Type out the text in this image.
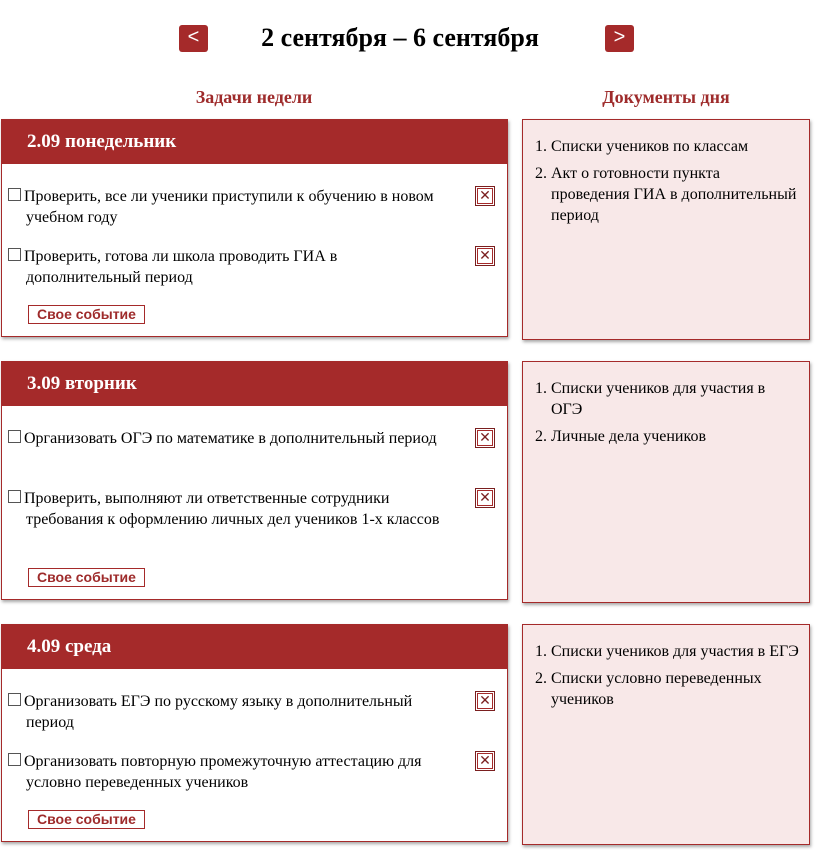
<	2 сентября – 6 сентября	>
Задачи недели	Документы дня
2.09 понедельник
Проверить, все ли ученики приступили к обучению в новом учебном году
✕
Проверить, готова ли школа проводить ГИА в дополнительный период
✕
Свое событие
1. Списки учеников по классам
2. Акт о готовности пункта проведения ГИА в дополнительный период
3.09 вторник
Организовать ОГЭ по математике в дополнительный период	✕
Проверить, выполняют ли ответственные сотрудники требования к оформлению личных дел учеников 1-х классов
✕
Свое событие
1. Списки учеников для участия в ОГЭ
2. Личные дела учеников
4.09 среда
Организовать ЕГЭ по русскому языку в дополнительный период
✕
Организовать повторную промежуточную аттестацию для условно переведенных учеников
✕
Свое событие
1. Списки учеников для участия в ЕГЭ
2. Списки условно переведенных учеников
